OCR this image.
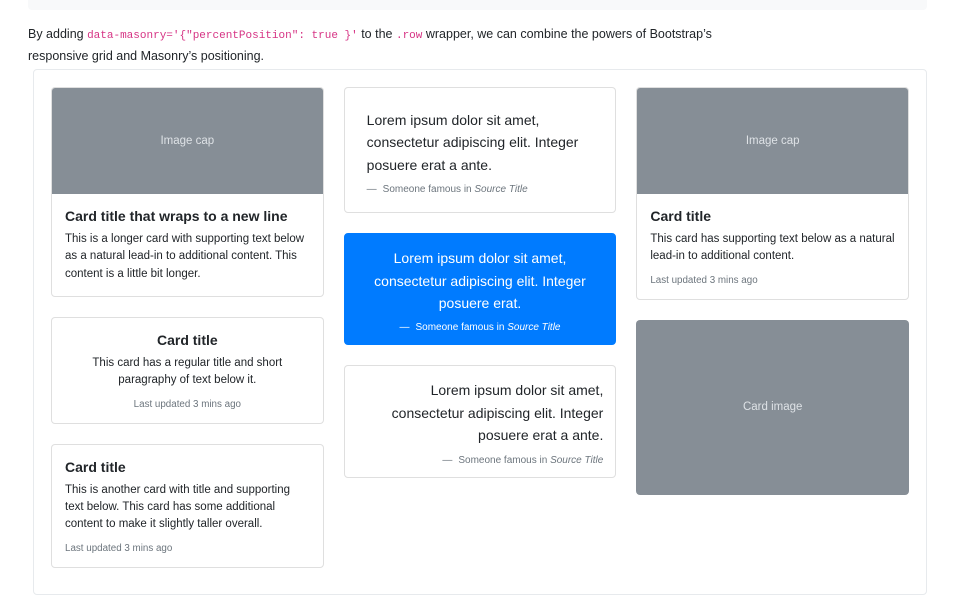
By adding data-masonry='{"percentPosition": true }' to the .row wrapper, we can combine the powers of Bootstrap’s responsive grid and Masonry’s positioning.

Image cap
Card title that wraps to a new line

This is a longer card with supporting text below as a natural lead-in to additional content. This content is a little bit longer.

Card title

This card has a regular title and short paragraphy of text below it.

Last updated 3 mins ago
Card title

This is another card with title and supporting text below. This card has some additional content to make it slightly taller overall.

Last updated 3 mins ago

Lorem ipsum dolor sit amet, consectetur adipiscing elit. Integer posuere erat a ante.

— Someone famous in Source Title

Lorem ipsum dolor sit amet, consectetur adipiscing elit. Integer posuere erat.

— Someone famous in Source Title

Lorem ipsum dolor sit amet, consectetur adipiscing elit. Integer posuere erat a ante.

— Someone famous in Source Title
Image cap
Card title

This card has supporting text below as a natural lead-in to additional content.

Last updated 3 mins ago
Card image
